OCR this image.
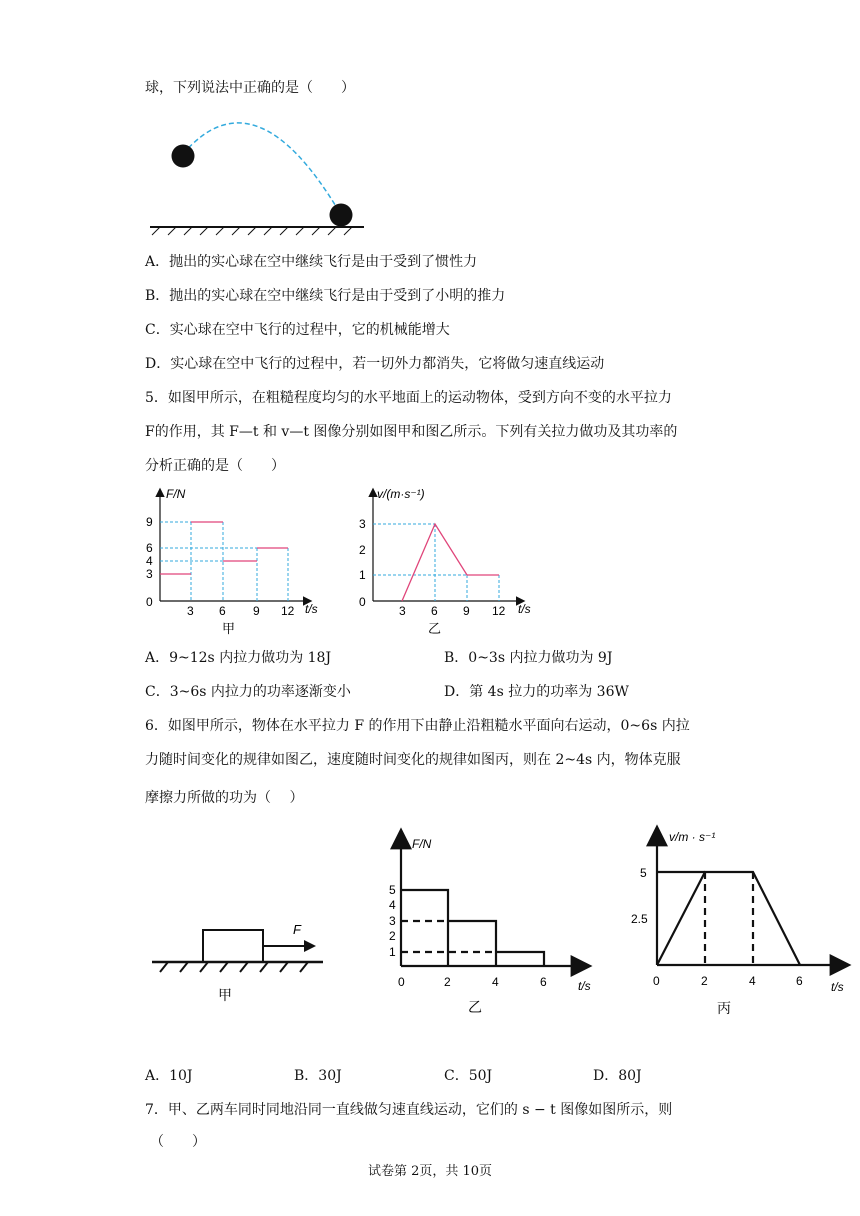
球，下列说法中正确的是（　　）
A．抛出的实心球在空中继续飞行是由于受到了惯性力
B．抛出的实心球在空中继续飞行是由于受到了小明的推力
C．实心球在空中飞行的过程中，它的机械能增大
D．实心球在空中飞行的过程中，若一切外力都消失，它将做匀速直线运动
5．如图甲所示，在粗糙程度均匀的水平地面上的运动物体，受到方向不变的水平拉力
F的作用，其 F—t 和 v—t 图像分别如图甲和图乙所示。下列有关拉力做功及其功率的
分析正确的是（　　）
F/N
t/s
0
9
6
4
3
3 6 9 12
甲
v/(m·s⁻¹)
t/s
0
3
2
1
3 6 9 12
乙
A．9~12s 内拉力做功为 18J	B．0~3s 内拉力做功为 9J
C．3~6s 内拉力的功率逐渐变小	D．第 4s 拉力的功率为 36W
6．如图甲所示，物体在水平拉力 F 的作用下由静止沿粗糙水平面向右运动，0~6s 内拉
力随时间变化的规律如图乙，速度随时间变化的规律如图丙，则在 2~4s 内，物体克服
摩擦力所做的功为（　 ）
F
甲
F/N
t/s
5
4
3
2
1
0	2	4	6
乙
v/m · s⁻¹
t/s
5
2.5
0	2	4	6
丙
A．10J	B．30J	C．50J	D．80J
7．甲、乙两车同时同地沿同一直线做匀速直线运动，它们的 s − t 图像如图所示，则
（　　）
试卷第 2页，共 10页
